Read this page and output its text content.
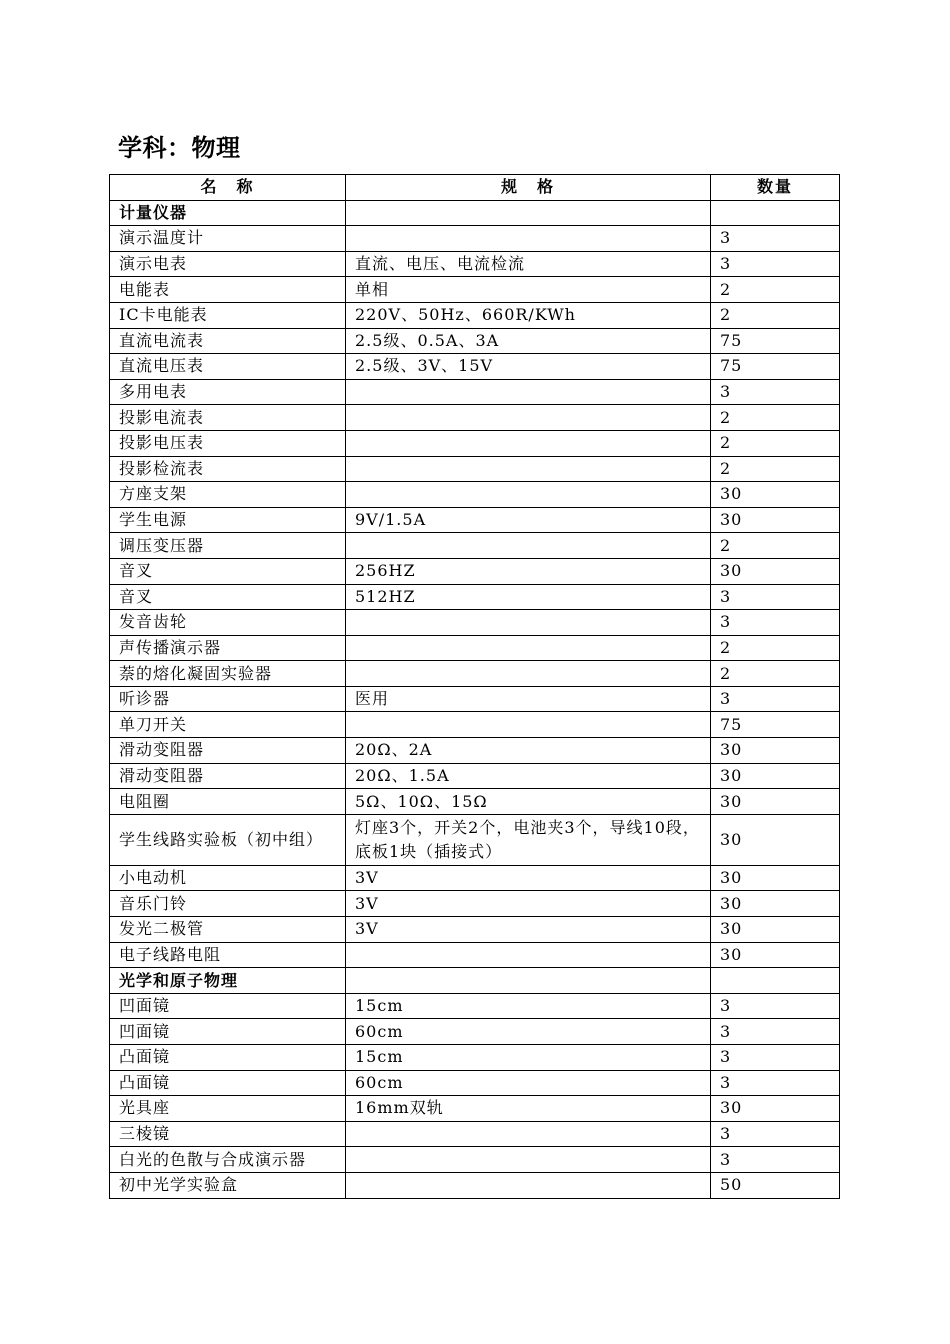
学科：物理
名　称	规　格	数量
计量仪器		
演示温度计		3
演示电表	直流、电压、电流检流	3
电能表	单相	2
IC卡电能表	220V、50Hz、660R/KWh	2
直流电流表	2.5级、0.5A、3A	75
直流电压表	2.5级、3V、15V	75
多用电表		3
投影电流表		2
投影电压表		2
投影检流表		2
方座支架		30
学生电源	9V/1.5A	30
调压变压器		2
音叉	256HZ	30
音叉	512HZ	3
发音齿轮		3
声传播演示器		2
萘的熔化凝固实验器		2
听诊器	医用	3
单刀开关		75
滑动变阻器	20Ω、2A	30
滑动变阻器	20Ω、1.5A	30
电阻圈	5Ω、10Ω、15Ω	30
学生线路实验板（初中组）	灯座3个，开关2个，电池夹3个，导线10段，底板1块（插接式）	30
小电动机	3V	30
音乐门铃	3V	30
发光二极管	3V	30
电子线路电阻		30
光学和原子物理		
凹面镜	15cm	3
凹面镜	60cm	3
凸面镜	15cm	3
凸面镜	60cm	3
光具座	16mm双轨	30
三棱镜		3
白光的色散与合成演示器		3
初中光学实验盒		50
